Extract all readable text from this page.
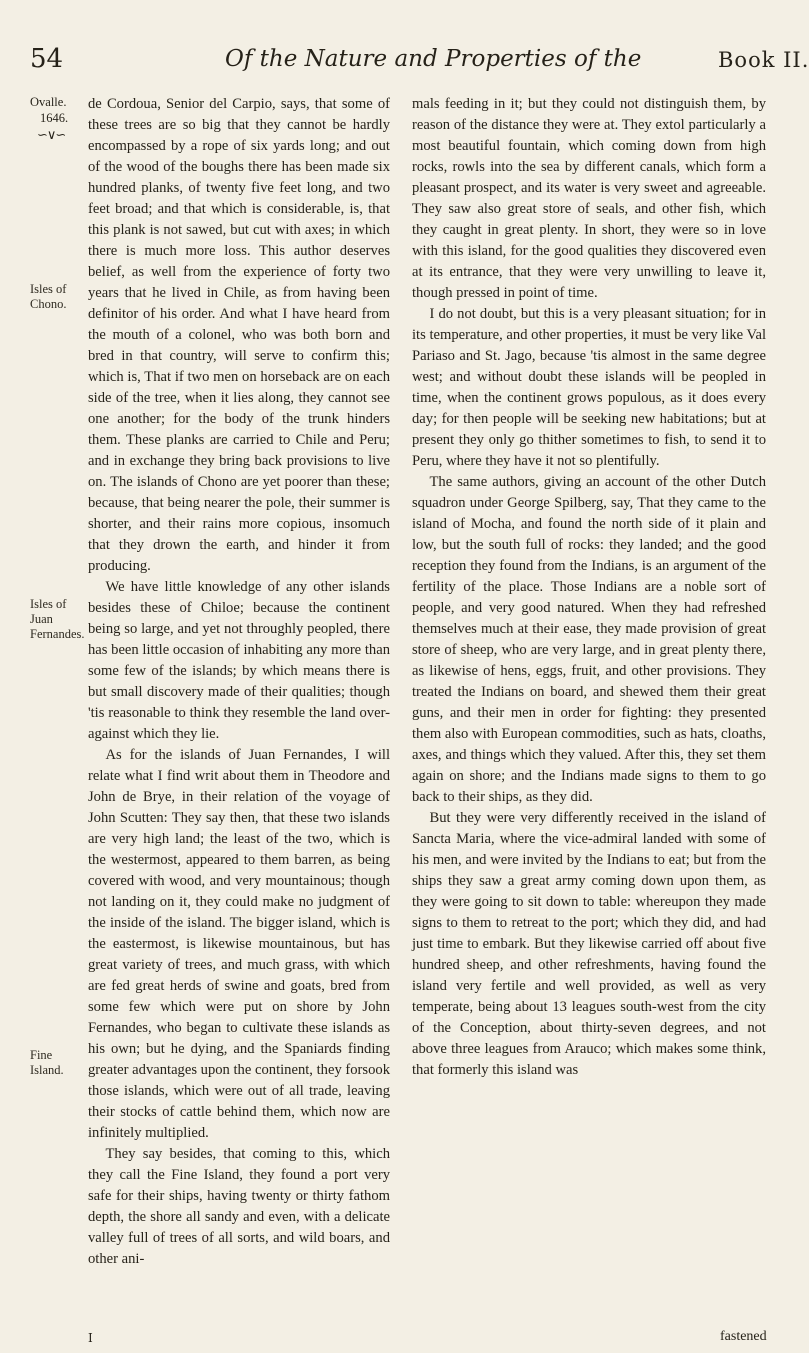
54	Of the Nature and Properties of the	Book II.
Ovalle.
1646.
∽∨∽
Isles of Chono.
Isles of Juan Fernandes.
Fine Island.

de Cordoua, Senior del Carpio, says, that some of these trees are so big that they cannot be hardly encompassed by a rope of six yards long; and out of the wood of the boughs there has been made six hundred planks, of twenty five feet long, and two feet broad; and that which is considerable, is, that this plank is not sawed, but cut with axes; in which there is much more loss. This author deserves belief, as well from the experience of forty two years that he lived in Chile, as from having been definitor of his order. And what I have heard from the mouth of a colonel, who was both born and bred in that country, will serve to confirm this; which is, That if two men on horseback are on each side of the tree, when it lies along, they cannot see one another; for the body of the trunk hinders them. These planks are carried to Chile and Peru; and in exchange they bring back provisions to live on. The islands of Chono are yet poorer than these; because, that being nearer the pole, their summer is shorter, and their rains more copious, insomuch that they drown the earth, and hinder it from producing.

We have little knowledge of any other islands besides these of Chiloe; because the continent being so large, and yet not throughly peopled, there has been little occasion of inhabiting any more than some few of the islands; by which means there is but small discovery made of their qualities; though 'tis reasonable to think they resemble the land over-against which they lie.

As for the islands of Juan Fernandes, I will relate what I find writ about them in Theodore and John de Brye, in their relation of the voyage of John Scutten: They say then, that these two islands are very high land; the least of the two, which is the westermost, appeared to them barren, as being covered with wood, and very mountainous; though not landing on it, they could make no judgment of the inside of the island. The bigger island, which is the eastermost, is likewise mountainous, but has great variety of trees, and much grass, with which are fed great herds of swine and goats, bred from some few which were put on shore by John Fernandes, who began to cultivate these islands as his own; but he dying, and the Spaniards finding greater advantages upon the continent, they forsook those islands, which were out of all trade, leaving their stocks of cattle behind them, which now are infinitely multiplied.

They say besides, that coming to this, which they call the Fine Island, they found a port very safe for their ships, having twenty or thirty fathom depth, the shore all sandy and even, with a delicate valley full of trees of all sorts, and wild boars, and other ani-

mals feeding in it; but they could not distinguish them, by reason of the distance they were at. They extol particularly a most beautiful fountain, which coming down from high rocks, rowls into the sea by different canals, which form a pleasant prospect, and its water is very sweet and agreeable. They saw also great store of seals, and other fish, which they caught in great plenty. In short, they were so in love with this island, for the good qualities they discovered even at its entrance, that they were very unwilling to leave it, though pressed in point of time.

I do not doubt, but this is a very pleasant situation; for in its temperature, and other properties, it must be very like Val Pariaso and St. Jago, because 'tis almost in the same degree west; and without doubt these islands will be peopled in time, when the continent grows populous, as it does every day; for then people will be seeking new habitations; but at present they only go thither sometimes to fish, to send it to Peru, where they have it not so plentifully.

The same authors, giving an account of the other Dutch squadron under George Spilberg, say, That they came to the island of Mocha, and found the north side of it plain and low, but the south full of rocks: they landed; and the good reception they found from the Indians, is an argument of the fertility of the place. Those Indians are a noble sort of people, and very good natured. When they had refreshed themselves much at their ease, they made provision of great store of sheep, who are very large, and in great plenty there, as likewise of hens, eggs, fruit, and other provisions. They treated the Indians on board, and shewed them their great guns, and their men in order for fighting: they presented them also with European commodities, such as hats, cloaths, axes, and things which they valued. After this, they set them again on shore; and the Indians made signs to them to go back to their ships, as they did.

But they were very differently received in the island of Sancta Maria, where the vice-admiral landed with some of his men, and were invited by the Indians to eat; but from the ships they saw a great army coming down upon them, as they were going to sit down to table: whereupon they made signs to them to retreat to the port; which they did, and had just time to embark. But they likewise carried off about five hundred sheep, and other refreshments, having found the island very fertile and well provided, as well as very temperate, being about 13 leagues south-west from the city of the Conception, about thirty-seven degrees, and not above three leagues from Arauco; which makes some think, that formerly this island was

I	fastened
